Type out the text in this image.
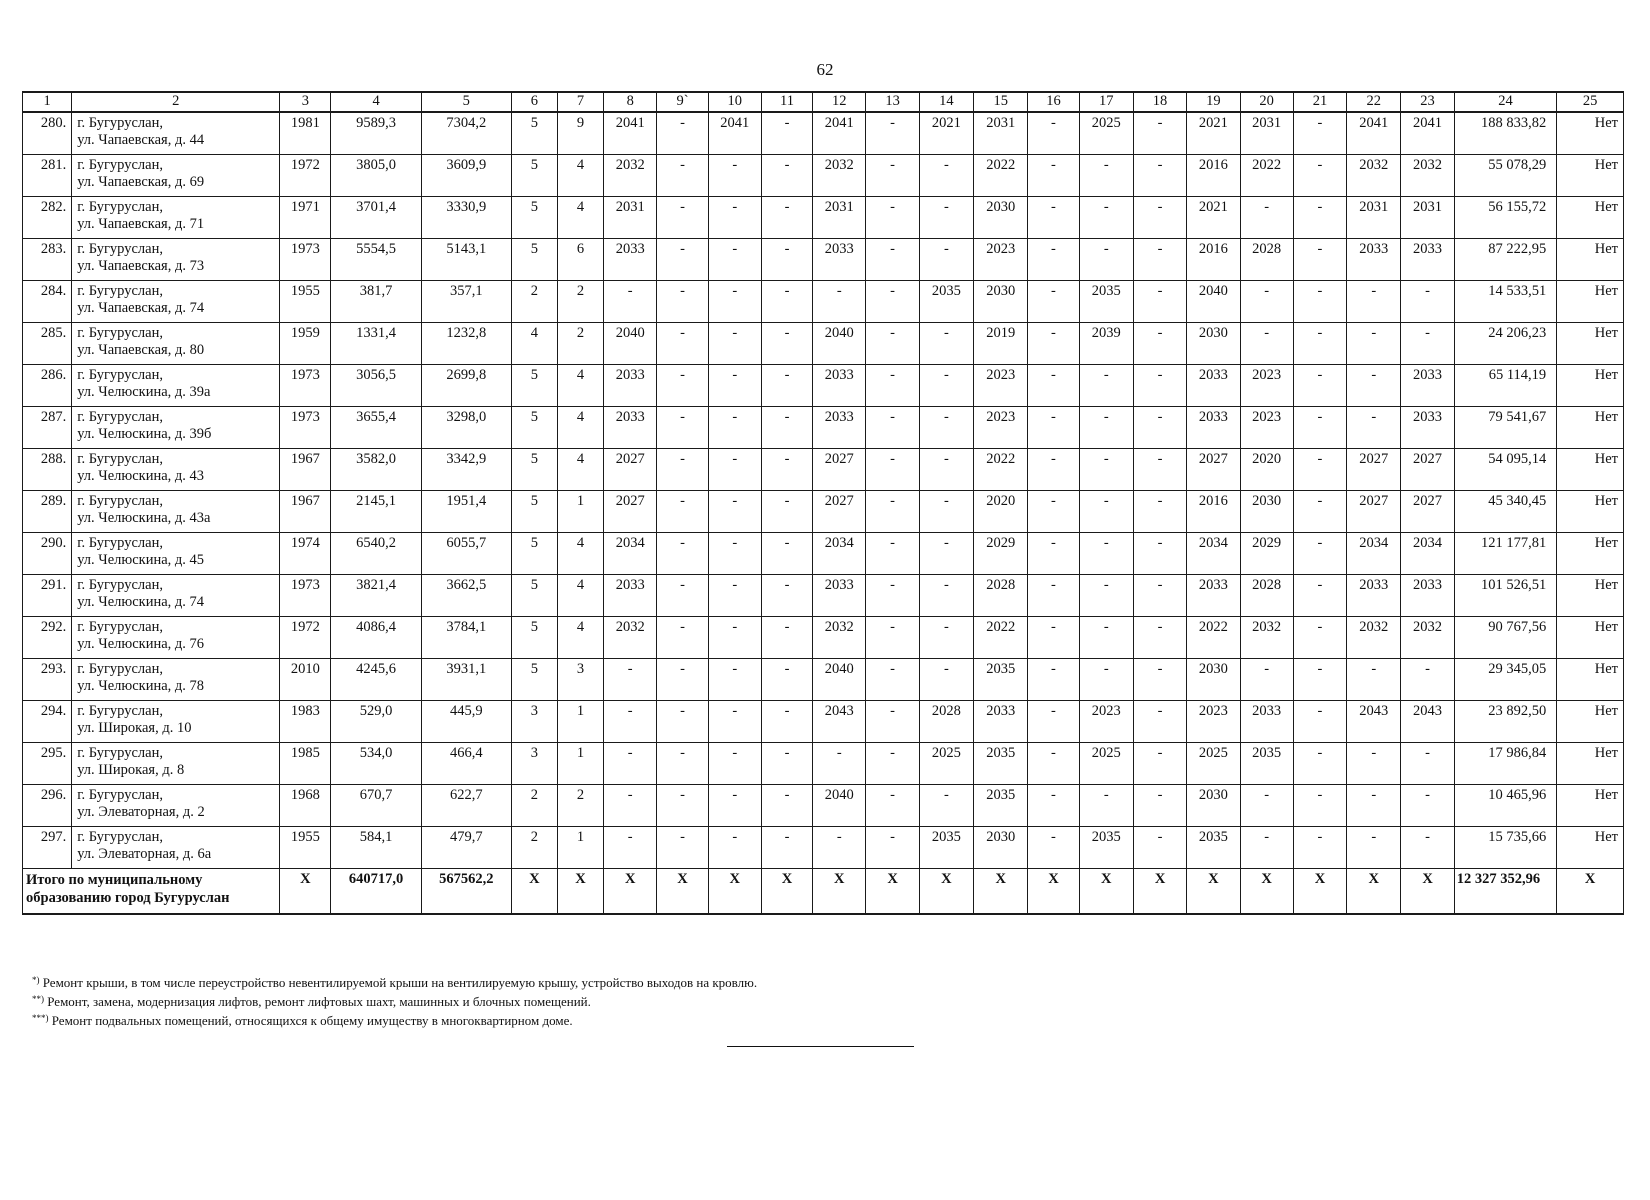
62
1	2	3	4	5	6	7	8	9`	10	11	12	13	14	15	16	17	18	19	20	21	22	23	24	25
280.	г. Бугуруслан,
ул. Чапаевская, д. 44	1981	9589,3	7304,2	5	9	2041	-	2041	-	2041	-	2021	2031	-	2025	-	2021	2031	-	2041	2041	188 833,82	Нет
281.	г. Бугуруслан,
ул. Чапаевская, д. 69	1972	3805,0	3609,9	5	4	2032	-	-	-	2032	-	-	2022	-	-	-	2016	2022	-	2032	2032	55 078,29	Нет
282.	г. Бугуруслан,
ул. Чапаевская, д. 71	1971	3701,4	3330,9	5	4	2031	-	-	-	2031	-	-	2030	-	-	-	2021	-	-	2031	2031	56 155,72	Нет
283.	г. Бугуруслан,
ул. Чапаевская, д. 73	1973	5554,5	5143,1	5	6	2033	-	-	-	2033	-	-	2023	-	-	-	2016	2028	-	2033	2033	87 222,95	Нет
284.	г. Бугуруслан,
ул. Чапаевская, д. 74	1955	381,7	357,1	2	2	-	-	-	-	-	-	2035	2030	-	2035	-	2040	-	-	-	-	14 533,51	Нет
285.	г. Бугуруслан,
ул. Чапаевская, д. 80	1959	1331,4	1232,8	4	2	2040	-	-	-	2040	-	-	2019	-	2039	-	2030	-	-	-	-	24 206,23	Нет
286.	г. Бугуруслан,
ул. Челюскина, д. 39а	1973	3056,5	2699,8	5	4	2033	-	-	-	2033	-	-	2023	-	-	-	2033	2023	-	-	2033	65 114,19	Нет
287.	г. Бугуруслан,
ул. Челюскина, д. 39б	1973	3655,4	3298,0	5	4	2033	-	-	-	2033	-	-	2023	-	-	-	2033	2023	-	-	2033	79 541,67	Нет
288.	г. Бугуруслан,
ул. Челюскина, д. 43	1967	3582,0	3342,9	5	4	2027	-	-	-	2027	-	-	2022	-	-	-	2027	2020	-	2027	2027	54 095,14	Нет
289.	г. Бугуруслан,
ул. Челюскина, д. 43а	1967	2145,1	1951,4	5	1	2027	-	-	-	2027	-	-	2020	-	-	-	2016	2030	-	2027	2027	45 340,45	Нет
290.	г. Бугуруслан,
ул. Челюскина, д. 45	1974	6540,2	6055,7	5	4	2034	-	-	-	2034	-	-	2029	-	-	-	2034	2029	-	2034	2034	121 177,81	Нет
291.	г. Бугуруслан,
ул. Челюскина, д. 74	1973	3821,4	3662,5	5	4	2033	-	-	-	2033	-	-	2028	-	-	-	2033	2028	-	2033	2033	101 526,51	Нет
292.	г. Бугуруслан,
ул. Челюскина, д. 76	1972	4086,4	3784,1	5	4	2032	-	-	-	2032	-	-	2022	-	-	-	2022	2032	-	2032	2032	90 767,56	Нет
293.	г. Бугуруслан,
ул. Челюскина, д. 78	2010	4245,6	3931,1	5	3	-	-	-	-	2040	-	-	2035	-	-	-	2030	-	-	-	-	29 345,05	Нет
294.	г. Бугуруслан,
ул. Широкая, д. 10	1983	529,0	445,9	3	1	-	-	-	-	2043	-	2028	2033	-	2023	-	2023	2033	-	2043	2043	23 892,50	Нет
295.	г. Бугуруслан,
ул. Широкая, д. 8	1985	534,0	466,4	3	1	-	-	-	-	-	-	2025	2035	-	2025	-	2025	2035	-	-	-	17 986,84	Нет
296.	г. Бугуруслан,
ул. Элеваторная, д. 2	1968	670,7	622,7	2	2	-	-	-	-	2040	-	-	2035	-	-	-	2030	-	-	-	-	10 465,96	Нет
297.	г. Бугуруслан,
ул. Элеваторная, д. 6а	1955	584,1	479,7	2	1	-	-	-	-	-	-	2035	2030	-	2035	-	2035	-	-	-	-	15 735,66	Нет

Итого по муниципальному
образованию город Бугуруслан		Х	640717,0	567562,2	Х	Х	Х	Х	Х	Х	Х	Х	Х	Х	Х	Х	Х	Х	Х	Х	Х	Х	12 327 352,96	Х
*) Ремонт крыши, в том числе переустройство невентилируемой крыши на вентилируемую крышу, устройство выходов на кровлю.
**) Ремонт, замена, модернизация лифтов, ремонт лифтовых шахт, машинных и блочных помещений.
***) Ремонт подвальных помещений, относящихся к общему имуществу в многоквартирном доме.
